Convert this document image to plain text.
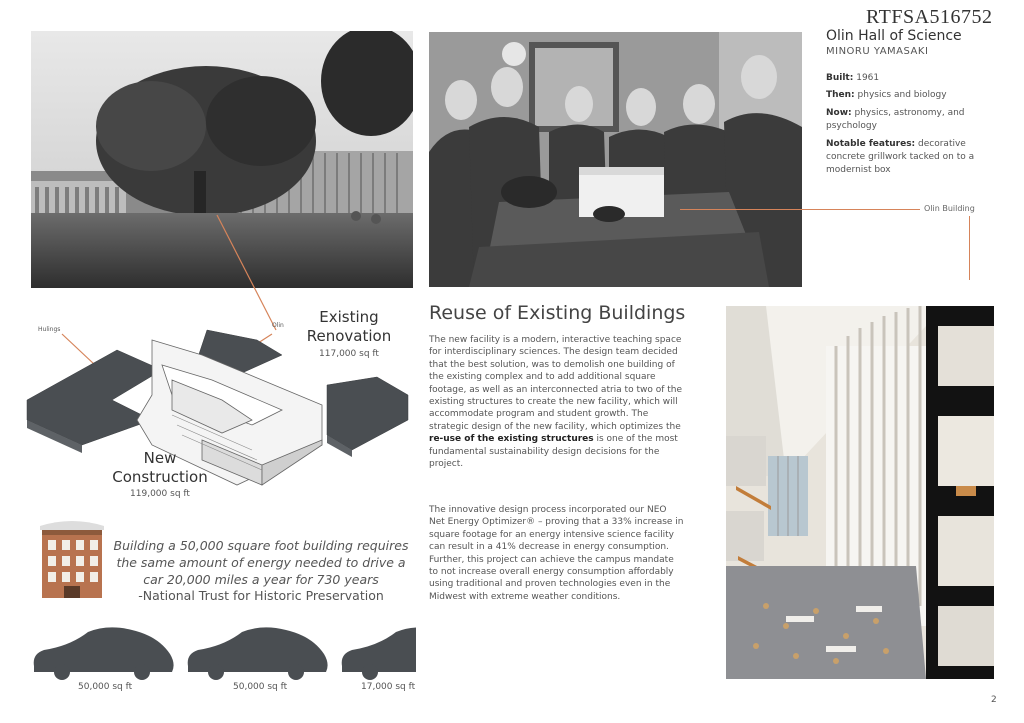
RTFSA516752
Olin Hall of Science
MINORU YAMASAKI
Built: 1961
Then: physics and biology
Now: physics, astronomy, and psychology
Notable features: decorative concrete grillwork tacked on to a modernist box
Olin Building
Hulings
Olin	Existing Renovation
117,000 sq ft
New Construction
119,000 sq ft
Reuse of Existing Buildings
The new facility is a modern, interactive teaching space for interdisciplinary sciences. The design team decided that the best solution, was to demolish one building of the existing complex and to add additional square footage, as well as an interconnected atria to two of the existing structures to create the new facility, which will accommodate program and student growth. The strategic design of the new facility, which optimizes the re-use of the existing structures is one of the most fundamental sustainability design decisions for the project.
The innovative design process incorporated our NEO Net Energy Optimizer® – proving that a 33% increase in square footage for an energy intensive science facility can result in a 41% decrease in energy consumption. Further, this project can achieve the campus mandate to not increase overall energy consumption affordably using traditional and proven technologies even in the Midwest with extreme weather conditions.
Building a 50,000 square foot building requires the same amount of energy needed to drive a car 20,000 miles a year for 730 years
-National Trust for Historic Preservation
50,000 sq ft	50,000 sq ft	17,000 sq ft
2
